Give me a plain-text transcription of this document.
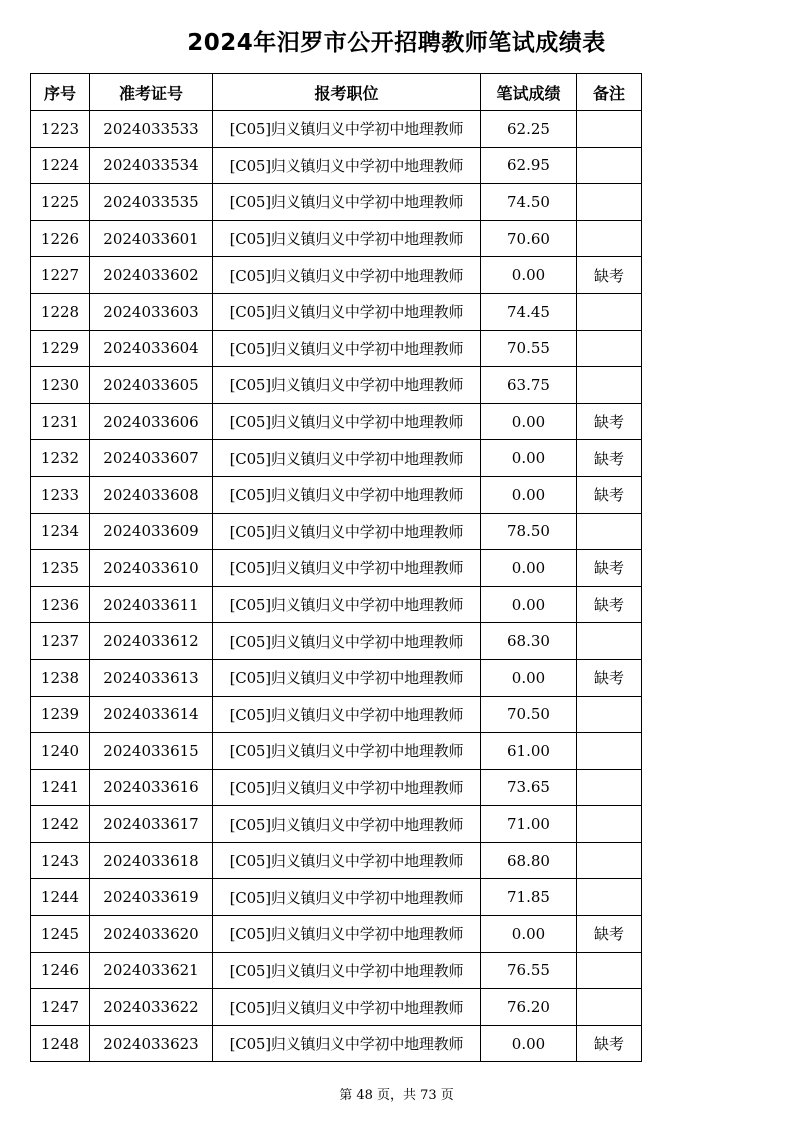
2024年汨罗市公开招聘教师笔试成绩表
序号	准考证号	报考职位	笔试成绩	备注
1223	2024033533	[C05]归义镇归义中学初中地理教师	62.25	
1224	2024033534	[C05]归义镇归义中学初中地理教师	62.95	
1225	2024033535	[C05]归义镇归义中学初中地理教师	74.50	
1226	2024033601	[C05]归义镇归义中学初中地理教师	70.60	
1227	2024033602	[C05]归义镇归义中学初中地理教师	0.00	缺考
1228	2024033603	[C05]归义镇归义中学初中地理教师	74.45	
1229	2024033604	[C05]归义镇归义中学初中地理教师	70.55	
1230	2024033605	[C05]归义镇归义中学初中地理教师	63.75	
1231	2024033606	[C05]归义镇归义中学初中地理教师	0.00	缺考
1232	2024033607	[C05]归义镇归义中学初中地理教师	0.00	缺考
1233	2024033608	[C05]归义镇归义中学初中地理教师	0.00	缺考
1234	2024033609	[C05]归义镇归义中学初中地理教师	78.50	
1235	2024033610	[C05]归义镇归义中学初中地理教师	0.00	缺考
1236	2024033611	[C05]归义镇归义中学初中地理教师	0.00	缺考
1237	2024033612	[C05]归义镇归义中学初中地理教师	68.30	
1238	2024033613	[C05]归义镇归义中学初中地理教师	0.00	缺考
1239	2024033614	[C05]归义镇归义中学初中地理教师	70.50	
1240	2024033615	[C05]归义镇归义中学初中地理教师	61.00	
1241	2024033616	[C05]归义镇归义中学初中地理教师	73.65	
1242	2024033617	[C05]归义镇归义中学初中地理教师	71.00	
1243	2024033618	[C05]归义镇归义中学初中地理教师	68.80	
1244	2024033619	[C05]归义镇归义中学初中地理教师	71.85	
1245	2024033620	[C05]归义镇归义中学初中地理教师	0.00	缺考
1246	2024033621	[C05]归义镇归义中学初中地理教师	76.55	
1247	2024033622	[C05]归义镇归义中学初中地理教师	76.20	
1248	2024033623	[C05]归义镇归义中学初中地理教师	0.00	缺考
第 48 页，共 73 页
